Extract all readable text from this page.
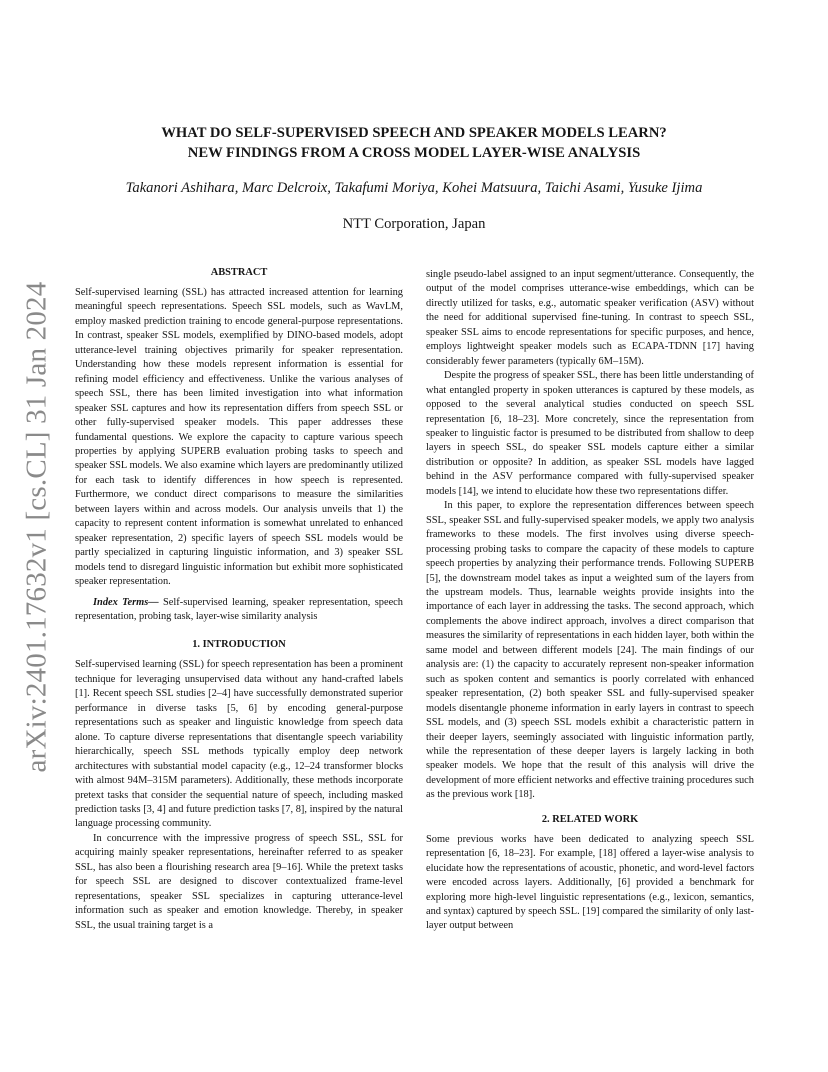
arXiv:2401.17632v1 [cs.CL] 31 Jan 2024
WHAT DO SELF-SUPERVISED SPEECH AND SPEAKER MODELS LEARN?
NEW FINDINGS FROM A CROSS MODEL LAYER-WISE ANALYSIS
Takanori Ashihara, Marc Delcroix, Takafumi Moriya, Kohei Matsuura, Taichi Asami, Yusuke Ijima
NTT Corporation, Japan
ABSTRACT

Self-supervised learning (SSL) has attracted increased attention for learning meaningful speech representations. Speech SSL models, such as WavLM, employ masked prediction training to encode general-purpose representations. In contrast, speaker SSL models, exemplified by DINO-based models, adopt utterance-level training objectives primarily for speaker representation. Understanding how these models represent information is essential for refining model efficiency and effectiveness. Unlike the various analyses of speech SSL, there has been limited investigation into what information speaker SSL captures and how its representation differs from speech SSL or other fully-supervised speaker models. This paper addresses these fundamental questions. We explore the capacity to capture various speech properties by applying SUPERB evaluation probing tasks to speech and speaker SSL models. We also examine which layers are predominantly utilized for each task to identify differences in how speech is represented. Furthermore, we conduct direct comparisons to measure the similarities between layers within and across models. Our analysis unveils that 1) the capacity to represent content information is somewhat unrelated to enhanced speaker representation, 2) specific layers of speech SSL models would be partly specialized in capturing linguistic information, and 3) speaker SSL models tend to disregard linguistic information but exhibit more sophisticated speaker representation.

Index Terms— Self-supervised learning, speaker representation, speech representation, probing task, layer-wise similarity analysis

1. INTRODUCTION

Self-supervised learning (SSL) for speech representation has been a prominent technique for leveraging unsupervised data without any hand-crafted labels [1]. Recent speech SSL studies [2–4] have successfully demonstrated superior performance in diverse tasks [5, 6] by encoding general-purpose representations such as speaker and linguistic knowledge from speech data alone. To capture diverse representations that disentangle speech variability hierarchically, speech SSL methods typically employ deep network architectures with substantial model capacity (e.g., 12–24 transformer blocks with almost 94M–315M parameters). Additionally, these methods incorporate pretext tasks that consider the sequential nature of speech, including masked prediction tasks [3, 4] and future prediction tasks [7, 8], inspired by the natural language processing community.

In concurrence with the impressive progress of speech SSL, SSL for acquiring mainly speaker representations, hereinafter referred to as speaker SSL, has also been a flourishing research area [9–16]. While the pretext tasks for speech SSL are designed to discover contextualized frame-level representations, speaker SSL specializes in capturing utterance-level information such as speaker and emotion knowledge. Thereby, in speaker SSL, the usual training target is a

single pseudo-label assigned to an input segment/utterance. Consequently, the output of the model comprises utterance-wise embeddings, which can be directly utilized for tasks, e.g., automatic speaker verification (ASV) without the need for additional supervised fine-tuning. In contrast to speech SSL, speaker SSL aims to encode representations for specific purposes, and hence, employs lightweight speaker models such as ECAPA-TDNN [17] having considerably fewer parameters (typically 6M–15M).

Despite the progress of speaker SSL, there has been little understanding of what entangled property in spoken utterances is captured by these models, as opposed to the several analytical studies conducted on speech SSL representation [6, 18–23]. More concretely, since the representation from speaker to linguistic factor is presumed to be distributed from shallow to deep layers in speech SSL, do speaker SSL models capture either a similar distribution or opposite? In addition, as speaker SSL models have lagged behind in the ASV performance compared with fully-supervised speaker models [14], we intend to elucidate how these two representations differ.

In this paper, to explore the representation differences between speech SSL, speaker SSL and fully-supervised speaker models, we apply two analysis frameworks to these models. The first involves using diverse speech-processing probing tasks to compare the capacity of these models to capture speech properties by analyzing their performance trends. Following SUPERB [5], the downstream model takes as input a weighted sum of the layers from the upstream models. Thus, learnable weights provide insights into the importance of each layer in addressing the tasks. The second approach, which complements the above indirect approach, involves a direct comparison that measures the similarity of representations in each hidden layer, both within the same model and between different models [24]. The main findings of our analysis are: (1) the capacity to accurately represent non-speaker information such as spoken content and semantics is poorly correlated with enhanced speaker representation, (2) both speaker SSL and fully-supervised speaker models disentangle phoneme information in early layers in contrast to speech SSL models, and (3) speech SSL models exhibit a characteristic pattern in their deeper layers, seemingly associated with linguistic information partly, while the representation of these deeper layers is largely lacking in both speaker models. We hope that the result of this analysis will drive the development of more efficient networks and effective training procedures such as the previous work [18].

2. RELATED WORK

Some previous works have been dedicated to analyzing speech SSL representation [6, 18–23]. For example, [18] offered a layer-wise analysis to elucidate how the representations of acoustic, phonetic, and word-level factors were encoded across layers. Additionally, [6] provided a benchmark for exploring more high-level linguistic representations (e.g., lexicon, semantics, and syntax) captured by speech SSL. [19] compared the similarity of only last-layer output between
